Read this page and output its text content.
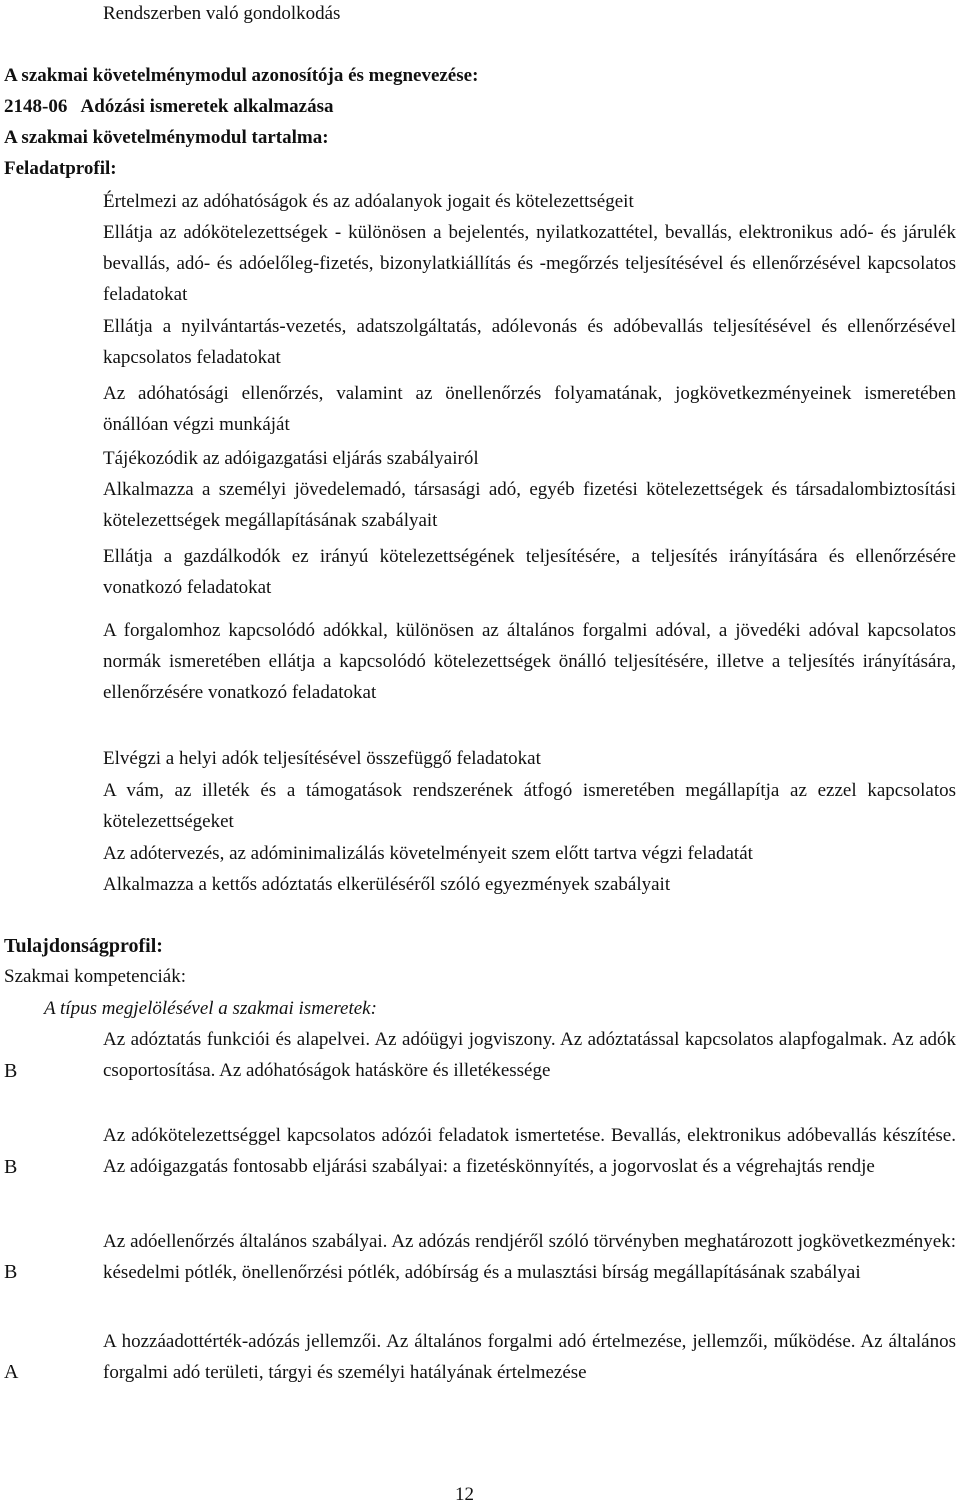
Rendszerben való gondolkodás
A szakmai követelménymodul azonosítója és megnevezése:
2148-06   Adózási ismeretek alkalmazása
A szakmai követelménymodul tartalma:
Feladatprofil:

Értelmezi az adóhatóságok és az adóalanyok jogait és kötelezettségeit

Ellátja az adókötelezettségek - különösen a bejelentés, nyilatkozattétel, bevallás, elektronikus adó- és járulék bevallás, adó- és adóelőleg-fizetés, bizonylatkiállítás és -megőrzés teljesítésével és ellenőrzésével kapcsolatos feladatokat

Ellátja a nyilvántartás-vezetés, adatszolgáltatás, adólevonás és adóbevallás teljesítésével és ellenőrzésével kapcsolatos feladatokat

Az adóhatósági ellenőrzés, valamint az önellenőrzés folyamatának, jogkövetkezményeinek ismeretében önállóan végzi munkáját

Tájékozódik az adóigazgatási eljárás szabályairól

Alkalmazza a személyi jövedelemadó, társasági adó, egyéb fizetési kötelezettségek és társadalombiztosítási kötelezettségek megállapításának szabályait

Ellátja a gazdálkodók ez irányú kötelezettségének teljesítésére, a teljesítés irányítására és ellenőrzésére vonatkozó feladatokat

A forgalomhoz kapcsolódó adókkal, különösen az általános forgalmi adóval, a jövedéki adóval kapcsolatos normák ismeretében ellátja a kapcsolódó kötelezettségek önálló teljesítésére, illetve a teljesítés irányítására, ellenőrzésére vonatkozó feladatokat

Elvégzi a helyi adók teljesítésével összefüggő feladatokat

A vám, az illeték és a támogatások rendszerének átfogó ismeretében megállapítja az ezzel kapcsolatos kötelezettségeket

Az adótervezés, az adóminimalizálás követelményeit szem előtt tartva végzi feladatát

Alkalmazza a kettős adóztatás elkerüléséről szóló egyezmények szabályait

Tulajdonságprofil:
Szakmai kompetenciák:
A típus megjelölésével a szakmai ismeretek:
B

Az adóztatás funkciói és alapelvei. Az adóügyi jogviszony. Az adóztatással kapcsolatos alapfogalmak. Az adók csoportosítása. Az adóhatóságok hatásköre és illetékessége

B

Az adókötelezettséggel kapcsolatos adózói feladatok ismertetése. Bevallás, elektronikus adóbevallás készítése. Az adóigazgatás fontosabb eljárási szabályai: a fizetéskönnyítés, a jogorvoslat és a végrehajtás rendje

B

Az adóellenőrzés általános szabályai. Az adózás rendjéről szóló törvényben meghatározott jogkövetkezmények: késedelmi pótlék, önellenőrzési pótlék, adóbírság és a mulasztási bírság megállapításának szabályai

A

A hozzáadottérték-adózás jellemzői. Az általános forgalmi adó értelmezése, jellemzői, működése. Az általános forgalmi adó területi, tárgyi és személyi hatályának értelmezése

12
